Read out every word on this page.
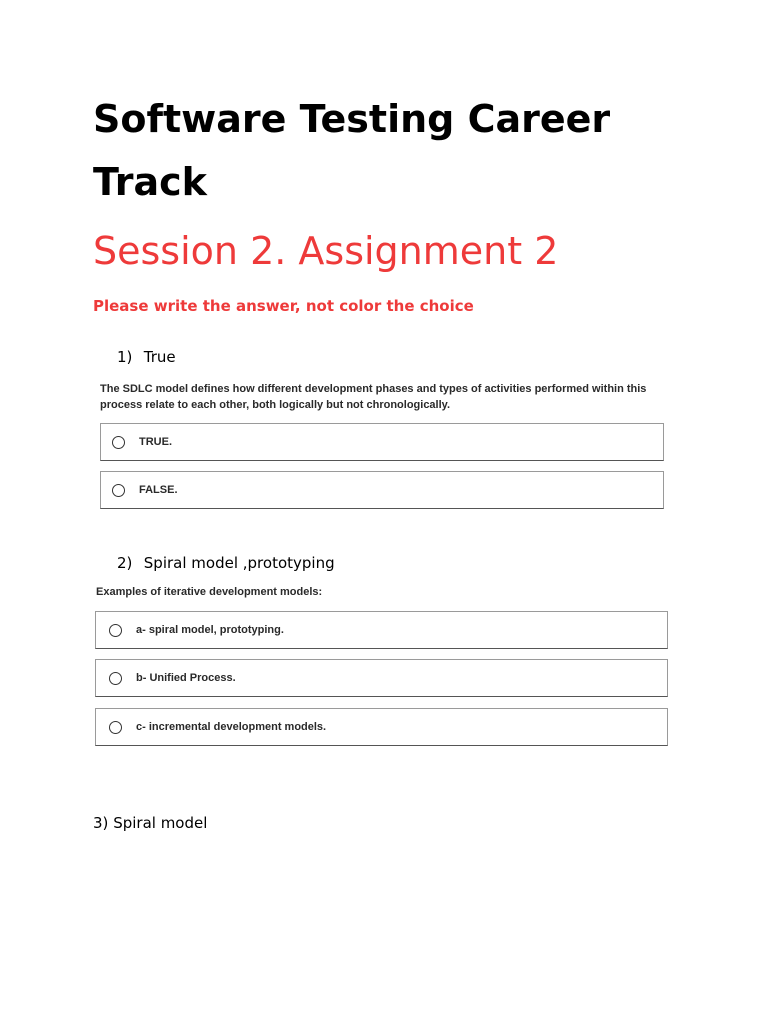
Software Testing Career Track
Session 2. Assignment 2
Please write the answer, not color the choice
1) True
The SDLC model defines how different development phases and types of activities performed within this process relate to each other, both logically but not chronologically.
TRUE.
FALSE.
2) Spiral model ,prototyping
Examples of iterative development models:
a- spiral model, prototyping.
b- Unified Process.
c- incremental development models.
3) Spiral model
